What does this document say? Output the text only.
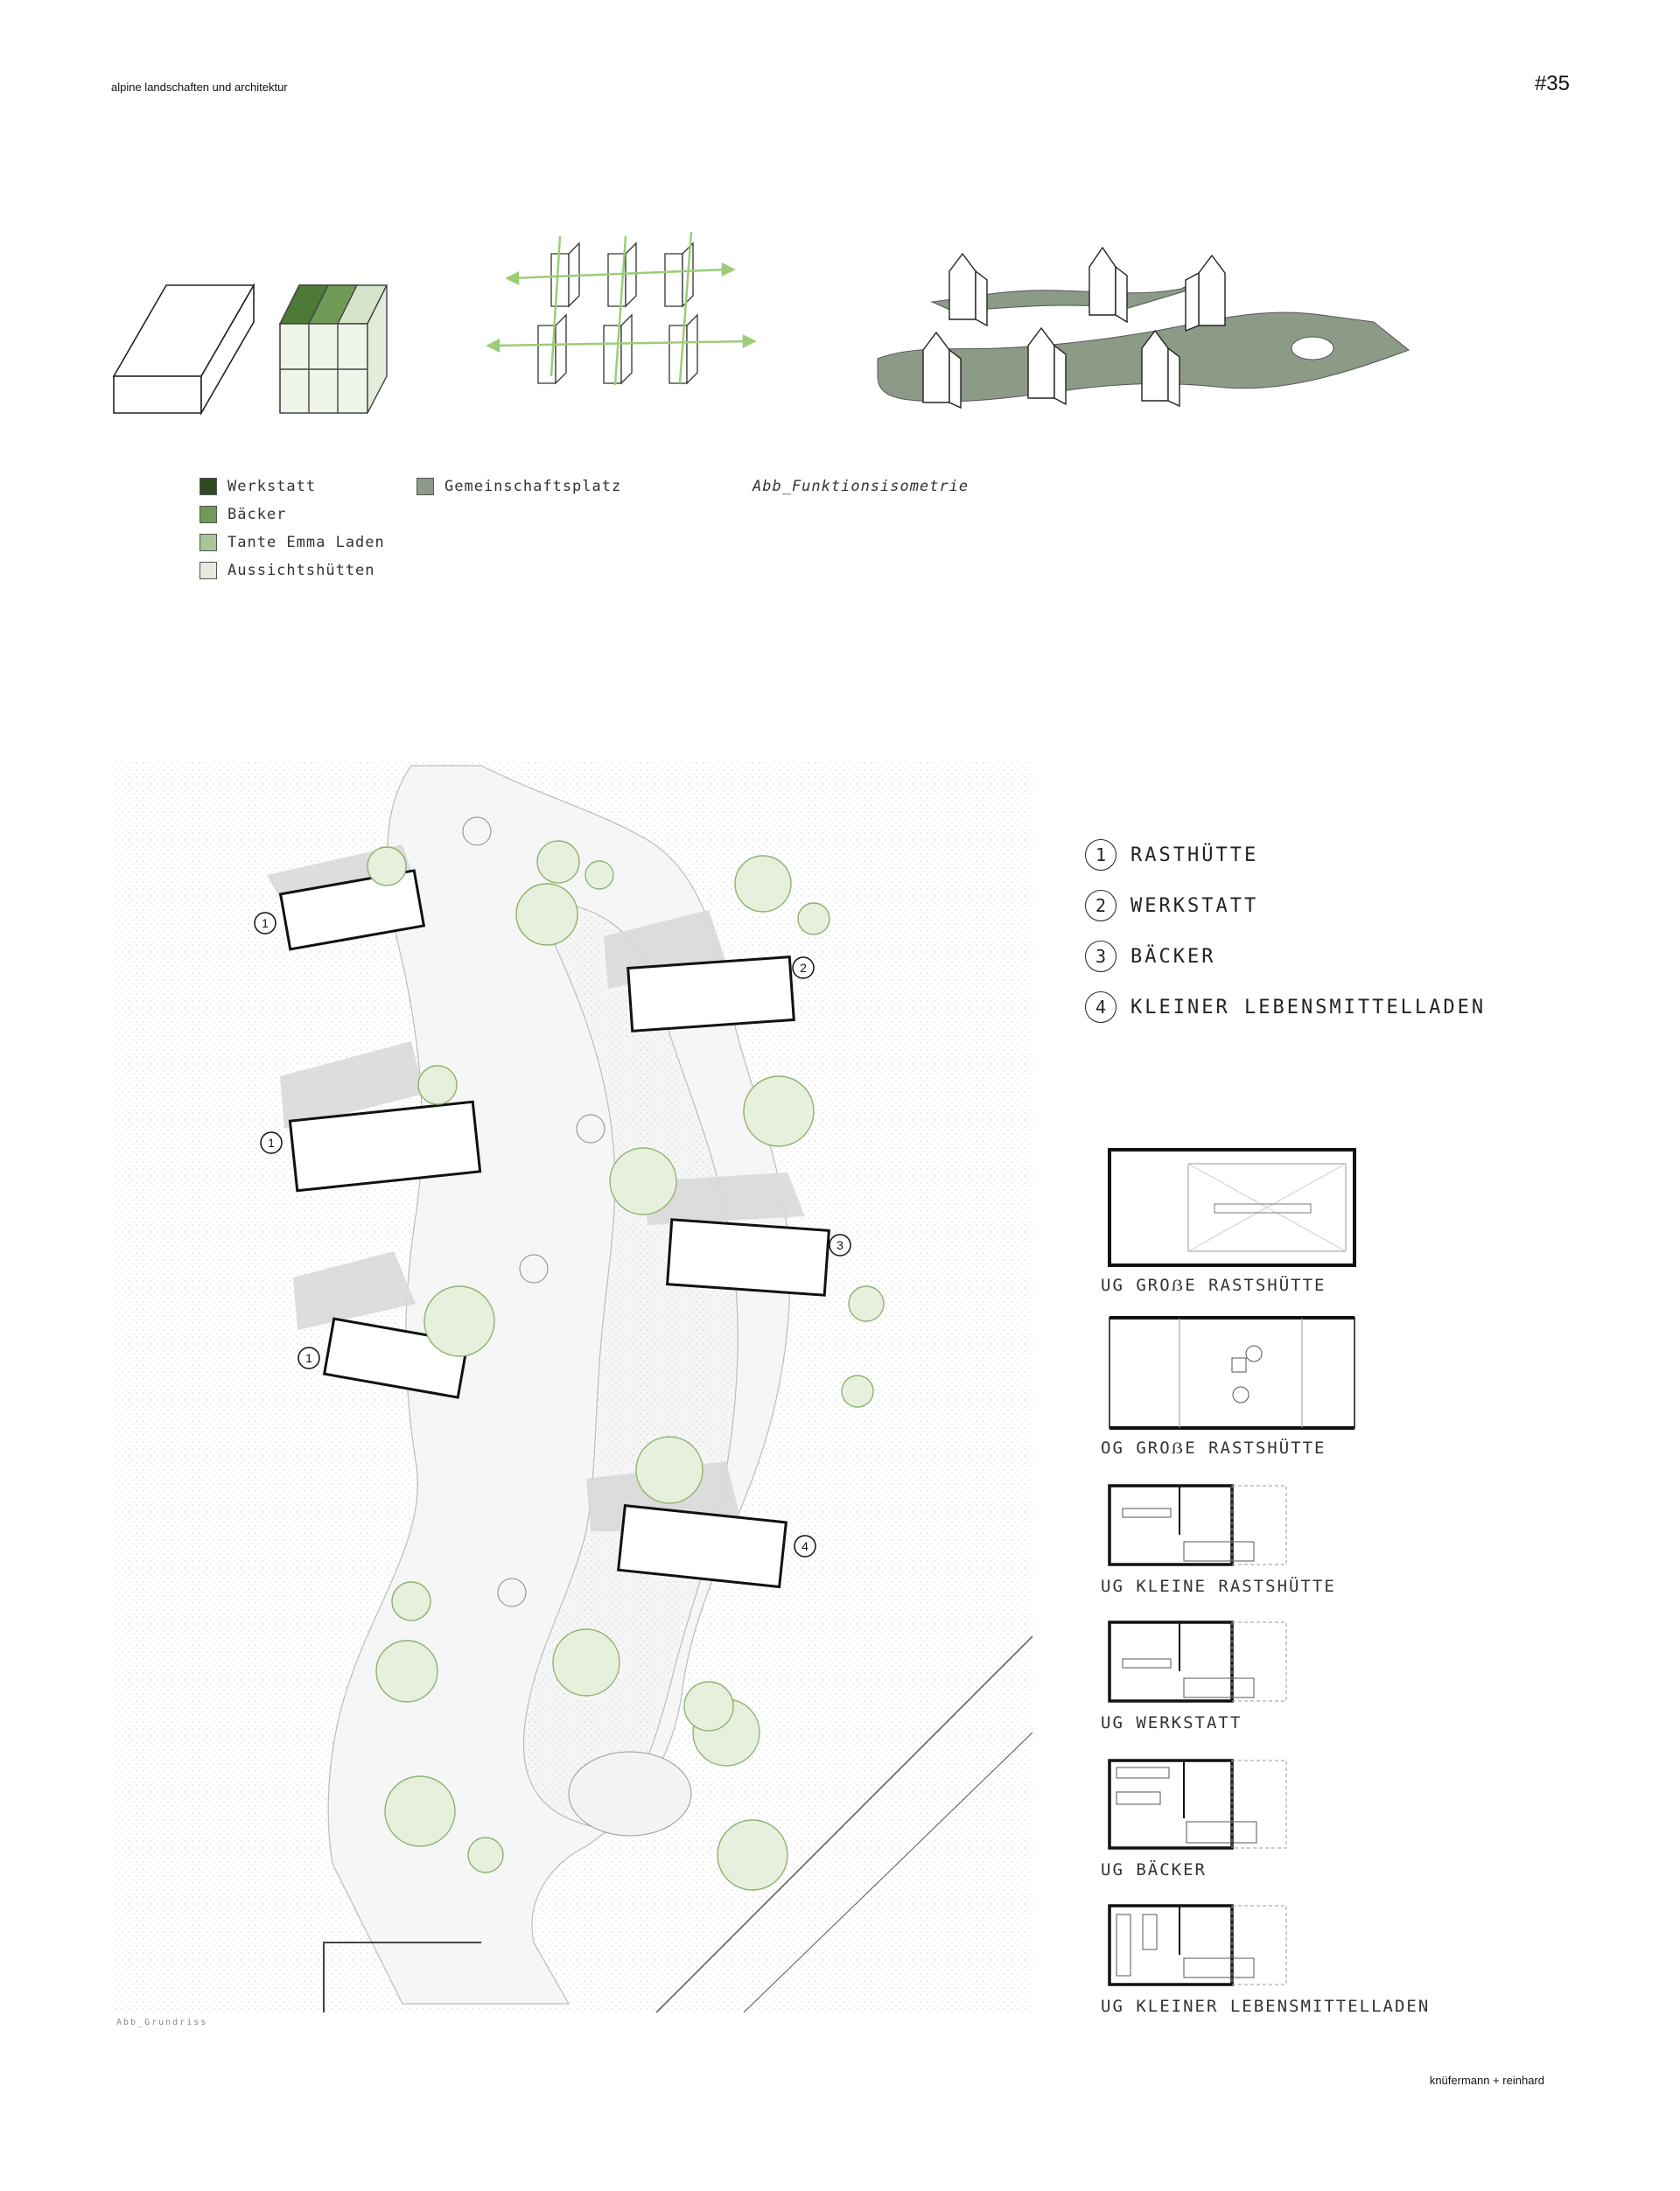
alpine landschaften und architektur	#35
Werkstatt
Bäcker
Tante Emma Laden
Aussichtshütten
Gemeinschaftsplatz	Abb_Funktionsisometrie
1
1
1
2
3
4
Abb_Grundriss
1	RASTHÜTTE
2	WERKSTATT
3	BÄCKER
4	KLEINER LEBENSMITTELLADEN
UG GROẞE RASTSHÜTTE
OG GROẞE RASTSHÜTTE
UG KLEINE RASTSHÜTTE
UG WERKSTATT
UG BÄCKER
UG KLEINER LEBENSMITTELLADEN
knüfermann + reinhard
